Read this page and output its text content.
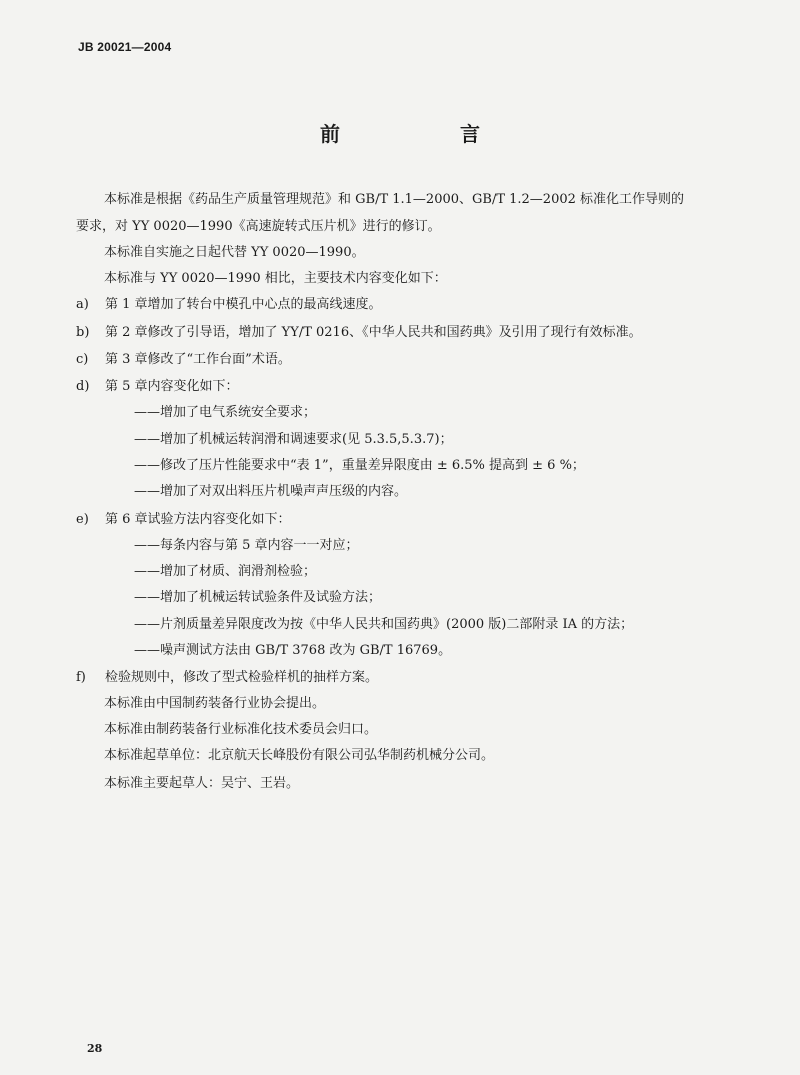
JB 20021—2004
前　言
本标准是根据《药品生产质量管理规范》和 GB/T 1.1—2000、GB/T 1.2—2002 标准化工作导则的
要求，对 YY 0020—1990《高速旋转式压片机》进行的修订。
本标准自实施之日起代替 YY 0020—1990。
本标准与 YY 0020—1990 相比，主要技术内容变化如下：
a) 第 1 章增加了转台中模孔中心点的最高线速度。
b) 第 2 章修改了引导语，增加了 YY/T 0216、《中华人民共和国药典》及引用了现行有效标准。
c) 第 3 章修改了“工作台面”术语。
d) 第 5 章内容变化如下：
——增加了电气系统安全要求；
——增加了机械运转润滑和调速要求(见 5.3.5,5.3.7)；
——修改了压片性能要求中“表 1”，重量差异限度由 ± 6.5% 提高到 ± 6 %；
——增加了对双出料压片机噪声声压级的内容。
e) 第 6 章试验方法内容变化如下：
——每条内容与第 5 章内容一一对应；
——增加了材质、润滑剂检验；
——增加了机械运转试验条件及试验方法；
——片剂质量差异限度改为按《中华人民共和国药典》(2000 版)二部附录 IA 的方法；
——噪声测试方法由 GB/T 3768 改为 GB/T 16769。
f) 检验规则中，修改了型式检验样机的抽样方案。
本标准由中国制药装备行业协会提出。
本标准由制药装备行业标准化技术委员会归口。
本标准起草单位：北京航天长峰股份有限公司弘华制药机械分公司。
本标准主要起草人：吴宁、王岩。
28
